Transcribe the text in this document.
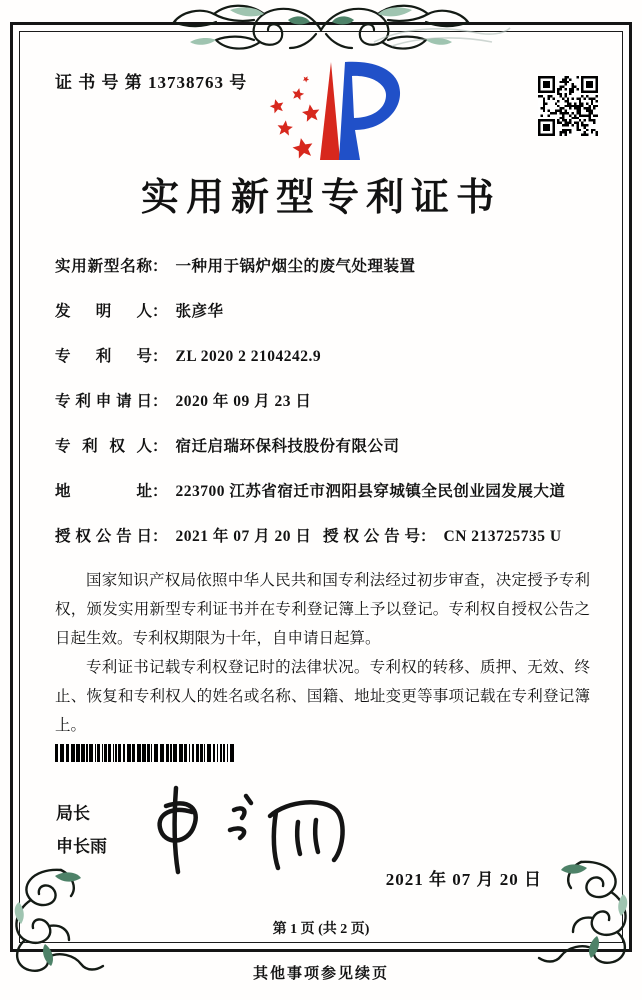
证 书 号 第 13738763 号
实用新型专利证书
实用新型名称 ： 一种用于锅炉烟尘的废气处理装置
发明人 ： 张彦华
专利号 ： ZL 2020 2 2104242.9
专利申请日 ： 2020 年 09 月 23 日
专利权人 ： 宿迁启瑞环保科技股份有限公司
地址 ： 223700 江苏省宿迁市泗阳县穿城镇全民创业园发展大道
授权公告日 ： 2021 年 07 月 20 日 授权公告号 ： CN 213725735 U

国家知识产权局依照中华人民共和国专利法经过初步审查，决定授予专利权，颁发实用新型专利证书并在专利登记簿上予以登记。专利权自授权公告之日起生效。专利权期限为十年，自申请日起算。

专利证书记载专利权登记时的法律状况。专利权的转移、质押、无效、终止、恢复和专利权人的姓名或名称、国籍、地址变更等事项记载在专利登记簿上。

局长
申长雨
2021 年 07 月 20 日
第 1 页 (共 2 页)
其他事项参见续页
